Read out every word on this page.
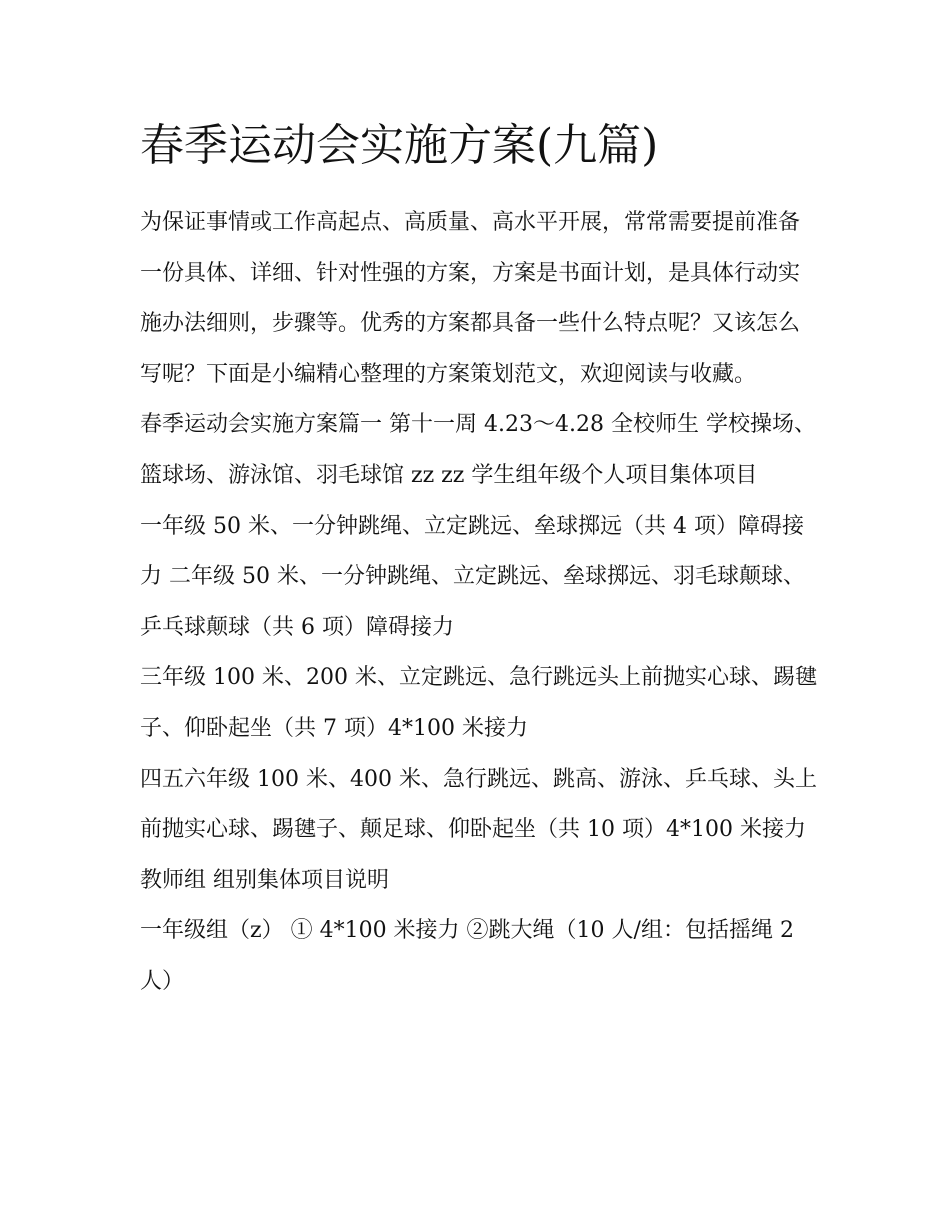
春季运动会实施方案(九篇)

为保证事情或工作高起点、高质量、高水平开展，常常需要提前准备一份具体、详细、针对性强的方案，方案是书面计划，是具体行动实施办法细则，步骤等。优秀的方案都具备一些什么特点呢？又该怎么写呢？下面是小编精心整理的方案策划范文，欢迎阅读与收藏。

春季运动会实施方案篇一 第十一周 4.23～4.28 全校师生 学校操场、篮球场、游泳馆、羽毛球馆 zz zz 学生组年级个人项目集体项目

一年级 50 米、一分钟跳绳、立定跳远、垒球掷远（共 4 项）障碍接力 二年级 50 米、一分钟跳绳、立定跳远、垒球掷远、羽毛球颠球、乒乓球颠球（共 6 项）障碍接力

三年级 100 米、200 米、立定跳远、急行跳远头上前抛实心球、踢毽子、仰卧起坐（共 7 项）4*100 米接力

四五六年级 100 米、400 米、急行跳远、跳高、游泳、乒乓球、头上前抛实心球、踢毽子、颠足球、仰卧起坐（共 10 项）4*100 米接力教师组 组别集体项目说明

一年级组（z） ① 4*100 米接力 ②跳大绳（10 人/组：包括摇绳 2 人）
